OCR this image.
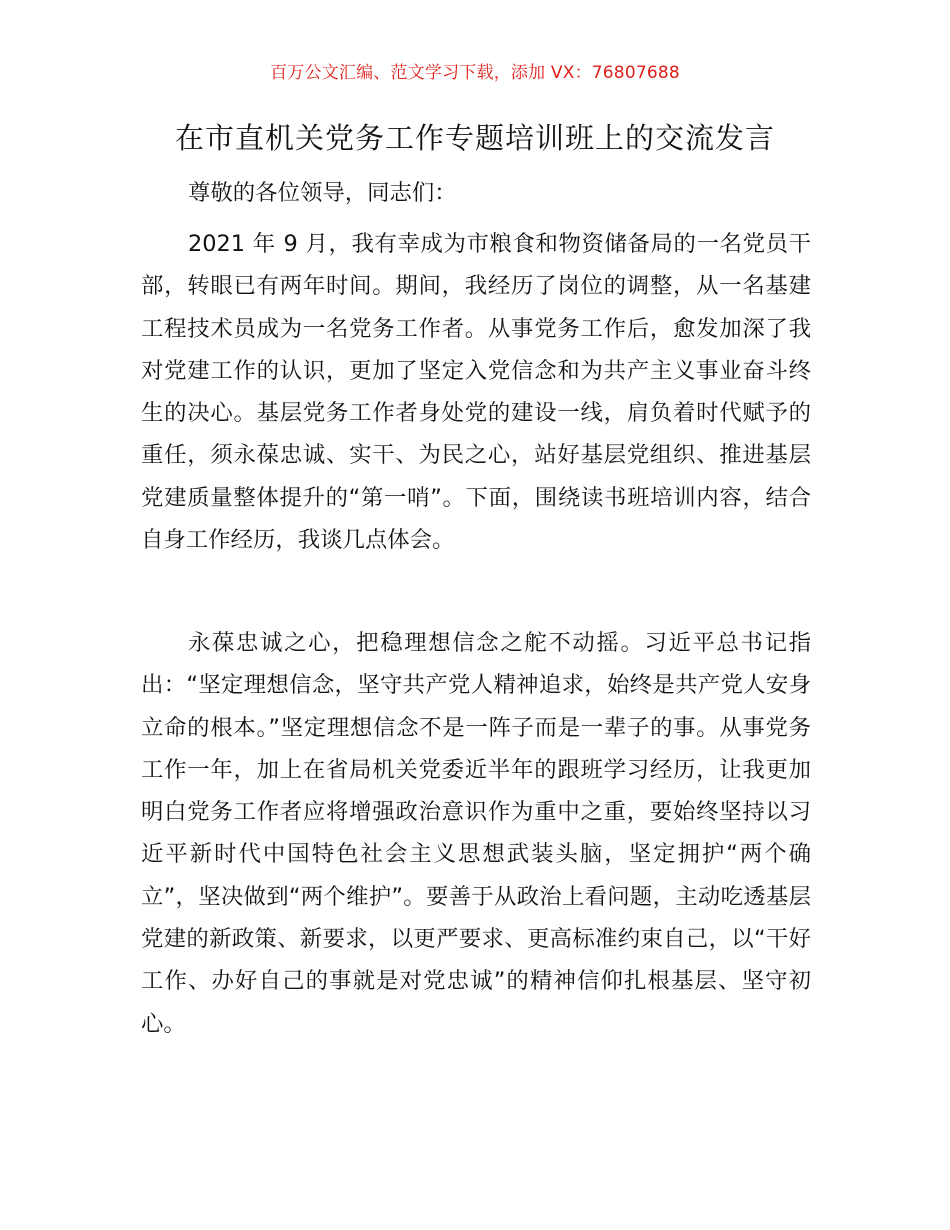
百万公文汇编、范文学习下载，添加 VX：76807688
在市直机关党务工作专题培训班上的交流发言

尊敬的各位领导，同志们：

2021 年 9 月，我有幸成为市粮食和物资储备局的一名党员干部，转眼已有两年时间。期间，我经历了岗位的调整，从一名基建工程技术员成为一名党务工作者。从事党务工作后，愈发加深了我对党建工作的认识，更加了坚定入党信念和为共产主义事业奋斗终生的决心。基层党务工作者身处党的建设一线，肩负着时代赋予的重任，须永葆忠诚、实干、为民之心，站好基层党组织、推进基层党建质量整体提升的“第一哨”。下面，围绕读书班培训内容，结合自身工作经历，我谈几点体会。

永葆忠诚之心，把稳理想信念之舵不动摇。习近平总书记指出：“坚定理想信念，坚守共产党人精神追求，始终是共产党人安身立命的根本。”坚定理想信念不是一阵子而是一辈子的事。从事党务工作一年，加上在省局机关党委近半年的跟班学习经历，让我更加明白党务工作者应将增强政治意识作为重中之重，要始终坚持以习近平新时代中国特色社会主义思想武装头脑，坚定拥护“两个确立”，坚决做到“两个维护”。要善于从政治上看问题，主动吃透基层党建的新政策、新要求，以更严要求、更高标准约束自己，以“干好工作、办好自己的事就是对党忠诚”的精神信仰扎根基层、坚守初心。
